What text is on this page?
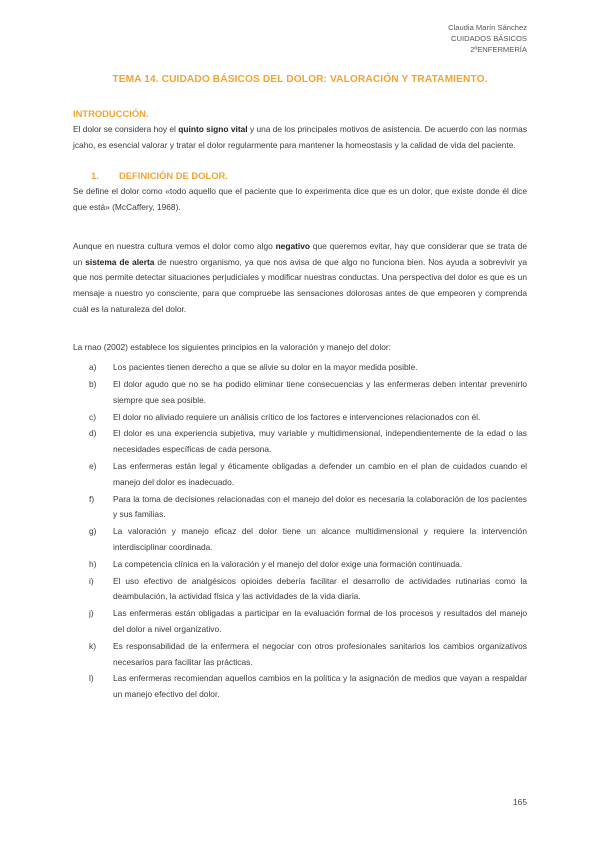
Claudia Marín Sánchez
CUIDADOS BÁSICOS
2ºENFERMERÍA
TEMA 14. CUIDADO BÁSICOS DEL DOLOR: VALORACIÓN Y TRATAMIENTO.
INTRODUCCIÓN.

El dolor se considera hoy el quinto signo vital y una de los principales motivos de asistencia. De acuerdo con las normas jcaho, es esencial valorar y tratar el dolor regularmente para mantener la homeostasis y la calidad de vida del paciente.

1. DEFINICIÓN DE DOLOR.

Se define el dolor como «todo aquello que el paciente que lo experimenta dice que es un dolor, que existe donde él dice que está» (McCaffery, 1968).

Aunque en nuestra cultura vemos el dolor como algo negativo que queremos evitar, hay que considerar que se trata de un sistema de alerta de nuestro organismo, ya que nos avisa de que algo no funciona bien. Nos ayuda a sobrevivir ya que nos permite detectar situaciones perjudiciales y modificar nuestras conductas. Una perspectiva del dolor es que es un mensaje a nuestro yo consciente, para que compruebe las sensaciones dolorosas antes de que empeoren y comprenda cuál es la naturaleza del dolor.

La rnao (2002) establece los siguientes principios en la valoración y manejo del dolor:

a)	Los pacientes tienen derecho a que se alivie su dolor en la mayor medida posible.
b)	El dolor agudo que no se ha podido eliminar tiene consecuencias y las enfermeras deben intentar prevenirlo siempre que sea posible.
c)	El dolor no aliviado requiere un análisis crítico de los factores e intervenciones relacionados con él.
d)	El dolor es una experiencia subjetiva, muy variable y multidimensional, independientemente de la edad o las necesidades específicas de cada persona.
e)	Las enfermeras están legal y éticamente obligadas a defender un cambio en el plan de cuidados cuando el manejo del dolor es inadecuado.
f)	Para la toma de decisiones relacionadas con el manejo del dolor es necesaria la colaboración de los pacientes y sus familias.
g)	La valoración y manejo eficaz del dolor tiene un alcance multidimensional y requiere la intervención interdisciplinar coordinada.
h)	La competencia clínica en la valoración y el manejo del dolor exige una formación continuada.
i)	El uso efectivo de analgésicos opioides debería facilitar el desarrollo de actividades rutinarias como la deambulación, la actividad física y las actividades de la vida diaria.
j)	Las enfermeras están obligadas a participar en la evaluación formal de los procesos y resultados del manejo del dolor a nivel organizativo.
k)	Es responsabilidad de la enfermera el negociar con otros profesionales sanitarios los cambios organizativos necesarios para facilitar las prácticas.
l)	Las enfermeras recomiendan aquellos cambios en la política y la asignación de medios que vayan a respaldar un manejo efectivo del dolor.
165
